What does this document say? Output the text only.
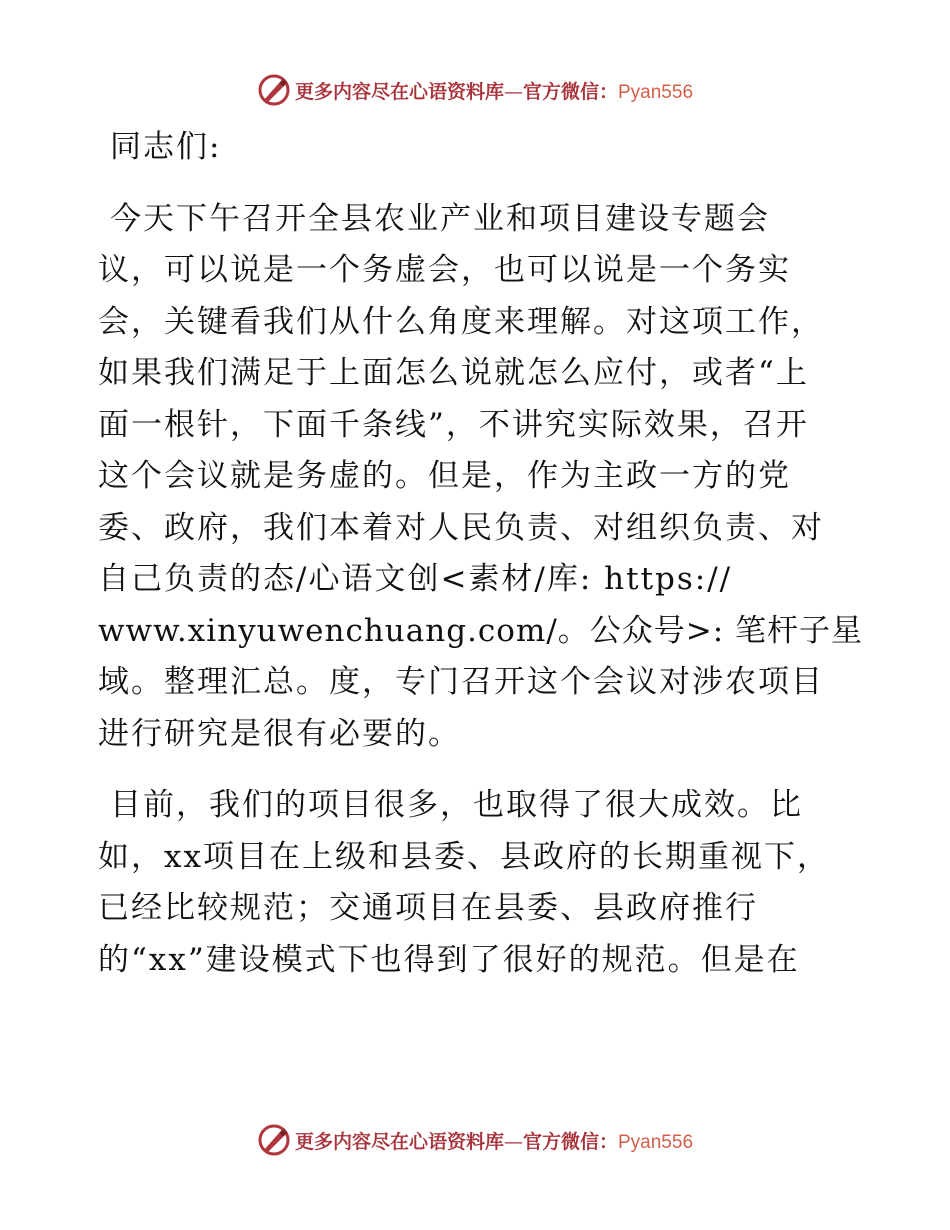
更多内容尽在心语资料库—官方微信：Pyan556
同志们:
今天下午召开全县农业产业和项目建设专题会
议，可以说是一个务虚会，也可以说是一个务实
会，关键看我们从什么角度来理解。对这项工作，
如果我们满足于上面怎么说就怎么应付，或者“上
面一根针，下面千条线”，不讲究实际效果，召开
这个会议就是务虚的。但是，作为主政一方的党
委、政府，我们本着对人民负责、对组织负责、对
自己负责的态/心语文创<素材/库: https://
www.xinyuwenchuang.com/。公众号>: 笔杆子星
域。整理汇总。度，专门召开这个会议对涉农项目
进行研究是很有必要的。
目前，我们的项目很多，也取得了很大成效。比
如，xx项目在上级和县委、县政府的长期重视下，
已经比较规范；交通项目在县委、县政府推行
的“xx”建设模式下也得到了很好的规范。但是在
更多内容尽在心语资料库—官方微信：Pyan556
